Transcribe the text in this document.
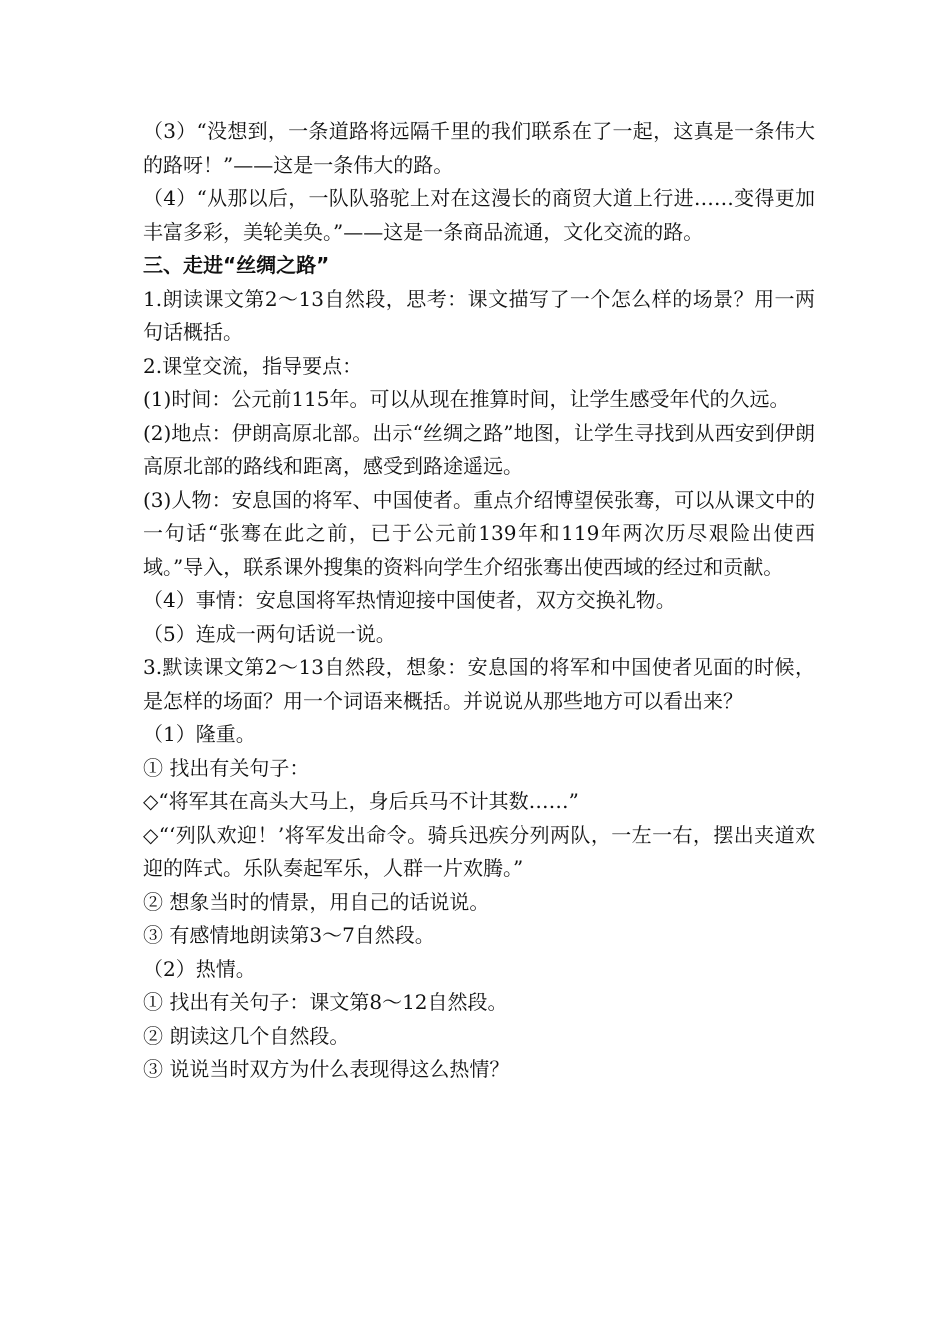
（3）“没想到，一条道路将远隔千里的我们联系在了一起，这真是一条伟大的路呀！”——这是一条伟大的路。

（4）“从那以后，一队队骆驼上对在这漫长的商贸大道上行进……变得更加丰富多彩，美轮美奂。”——这是一条商品流通，文化交流的路。

三、走进“丝绸之路”

1.朗读课文第2～13自然段，思考：课文描写了一个怎么样的场景？用一两句话概括。

2.课堂交流，指导要点：

(1)时间：公元前115年。可以从现在推算时间，让学生感受年代的久远。

(2)地点：伊朗高原北部。出示“丝绸之路”地图，让学生寻找到从西安到伊朗高原北部的路线和距离，感受到路途遥远。

(3)人物：安息国的将军、中国使者。重点介绍博望侯张骞，可以从课文中的一句话“张骞在此之前，已于公元前139年和119年两次历尽艰险出使西域。”导入，联系课外搜集的资料向学生介绍张骞出使西域的经过和贡献。

（4）事情：安息国将军热情迎接中国使者，双方交换礼物。

（5）连成一两句话说一说。

3.默读课文第2～13自然段，想象：安息国的将军和中国使者见面的时候，是怎样的场面？用一个词语来概括。并说说从那些地方可以看出来？

（1）隆重。

① 找出有关句子：

◇“将军其在高头大马上，身后兵马不计其数……”

◇“‘列队欢迎！’将军发出命令。骑兵迅疾分列两队，一左一右，摆出夹道欢迎的阵式。乐队奏起军乐，人群一片欢腾。”

② 想象当时的情景，用自己的话说说。

③ 有感情地朗读第3～7自然段。

（2）热情。

① 找出有关句子：课文第8～12自然段。

② 朗读这几个自然段。

③ 说说当时双方为什么表现得这么热情？
